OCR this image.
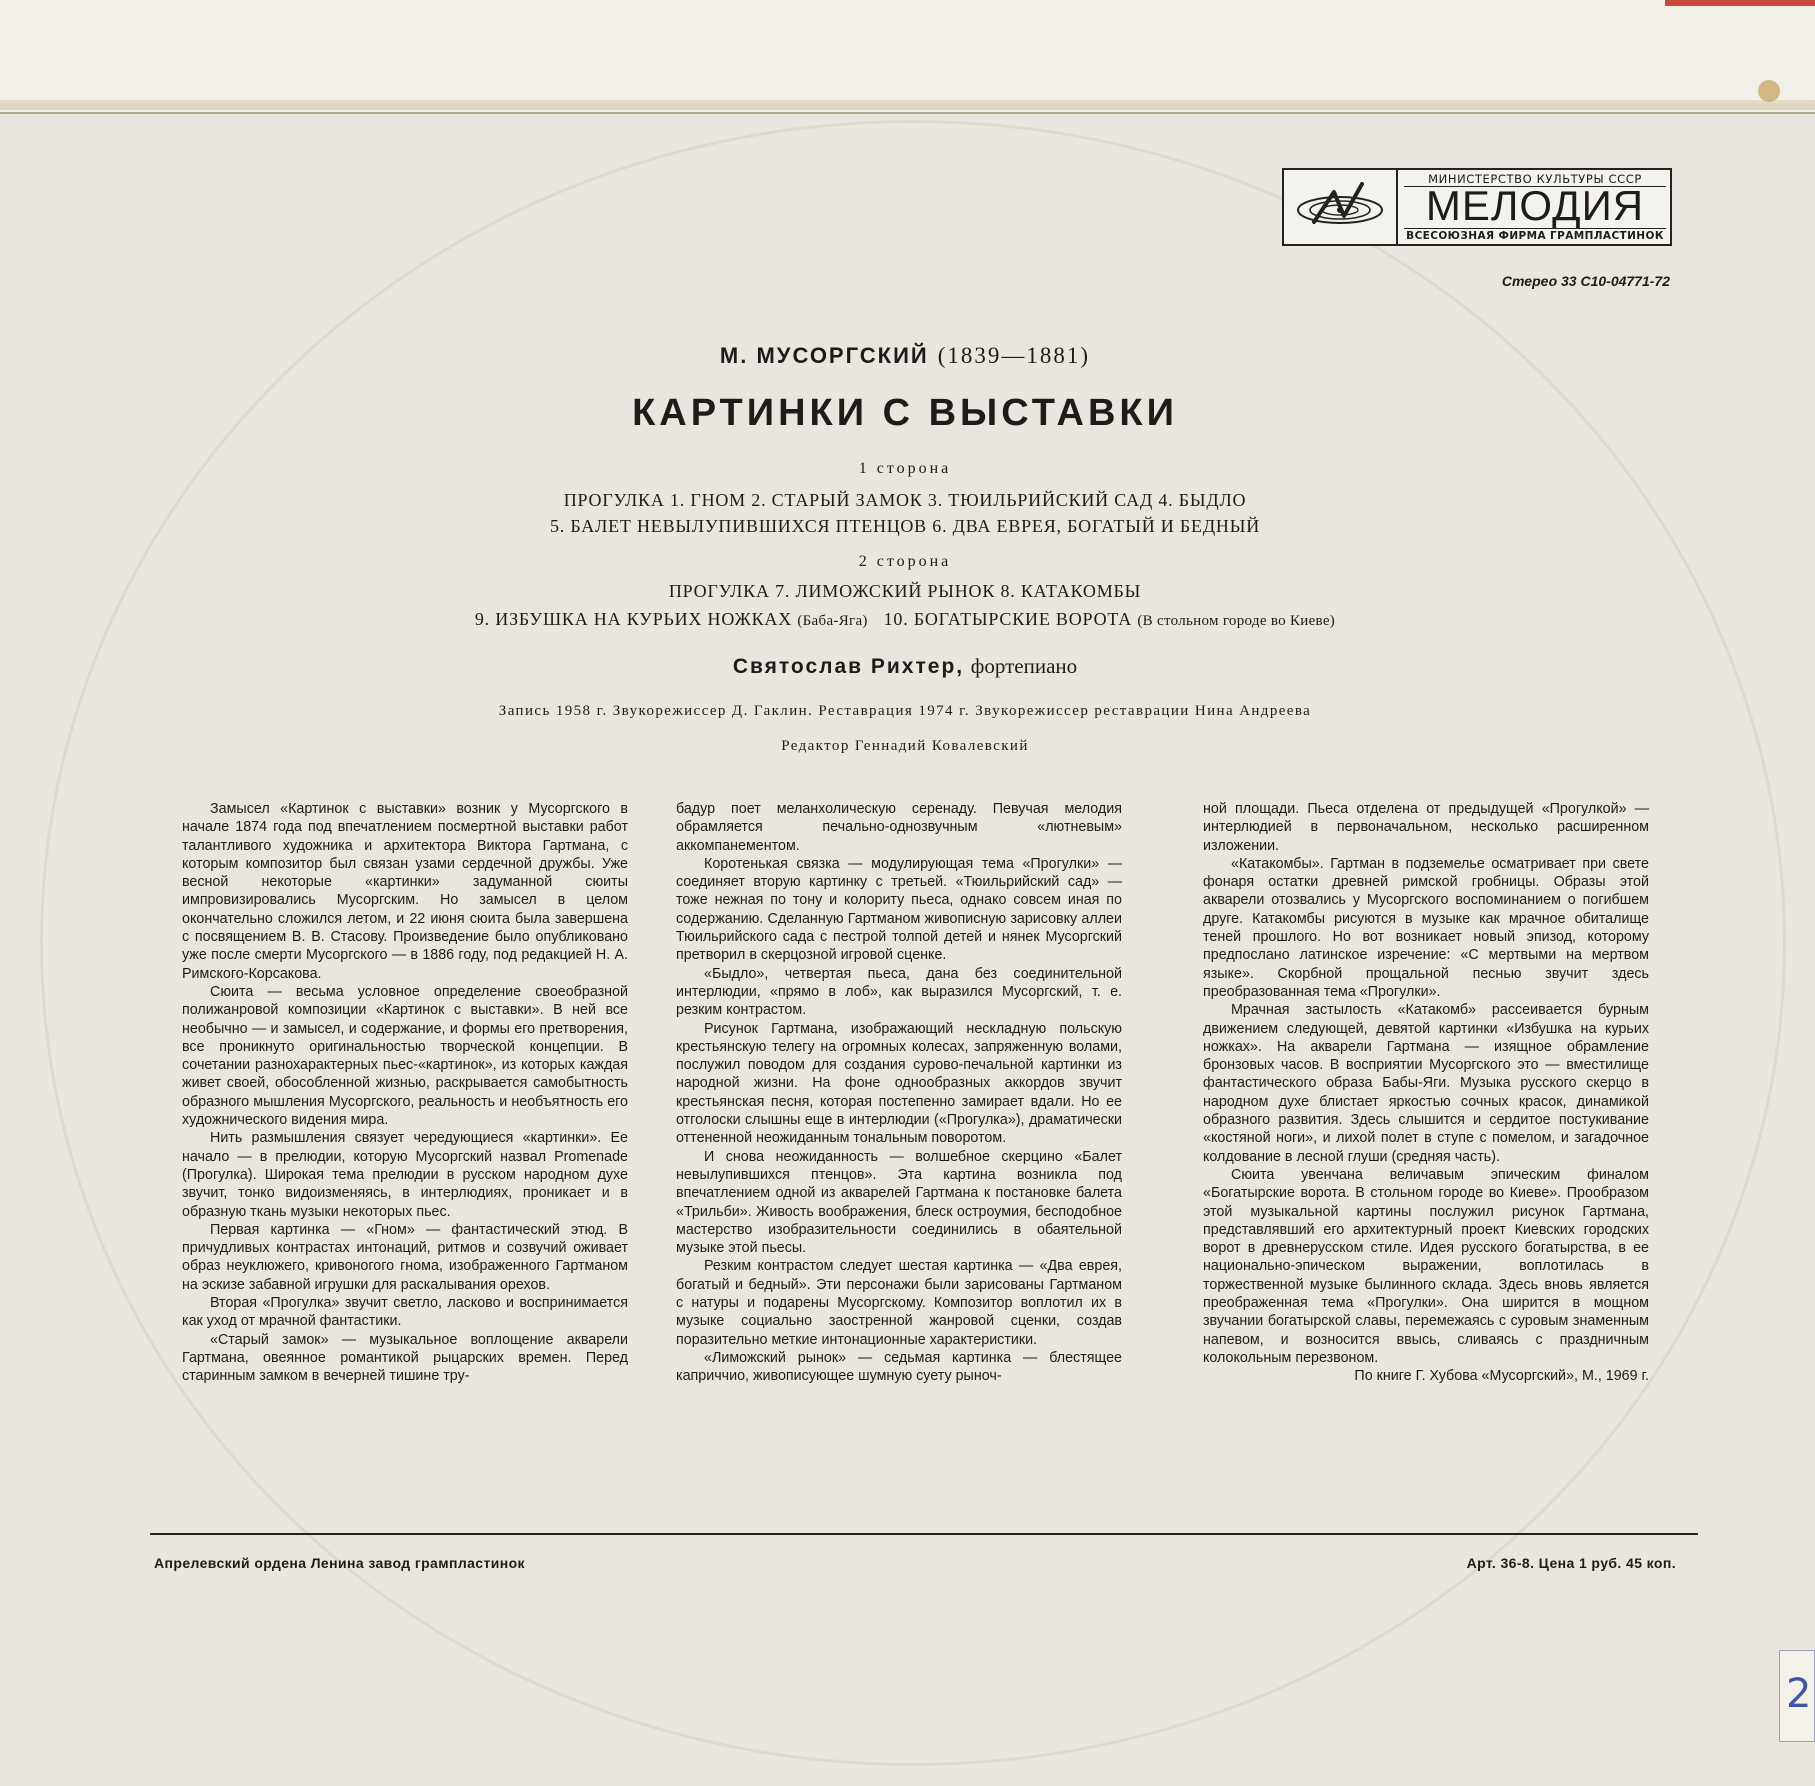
МИНИСТЕРСТВО КУЛЬТУРЫ СССР
МЕЛОДИЯ
ВСЕСОЮЗНАЯ ФИРМА ГРАМПЛАСТИНОК
Стерео 33 С10-04771-72
М. МУСОРГСКИЙ (1839—1881)
КАРТИНКИ С ВЫСТАВКИ
1 сторона
ПРОГУЛКА 1. ГНОМ 2. СТАРЫЙ ЗАМОК 3. ТЮИЛЬРИЙСКИЙ САД 4. БЫДЛО
5. БАЛЕТ НЕВЫЛУПИВШИХСЯ ПТЕНЦОВ 6. ДВА ЕВРЕЯ, БОГАТЫЙ И БЕДНЫЙ
2 сторона
ПРОГУЛКА 7. ЛИМОЖСКИЙ РЫНОК 8. КАТАКОМБЫ
9. ИЗБУШКА НА КУРЬИХ НОЖКАХ (Баба-Яга) 10. БОГАТЫРСКИЕ ВОРОТА (В стольном городе во Киеве)
Святослав Рихтер, фортепиано
Запись 1958 г. Звукорежиссер Д. Гаклин. Реставрация 1974 г. Звукорежиссер реставрации Нина Андреева
Редактор Геннадий Ковалевский

Замысел «Картинок с выставки» возник у Мусоргского в начале 1874 года под впечатлением посмертной выставки работ талантливого художника и архитектора Виктора Гартмана, с которым композитор был связан узами сердечной дружбы. Уже весной некоторые «картинки» задуманной сюиты импровизировались Мусоргским. Но замысел в целом окончательно сложился летом, и 22 июня сюита была завершена с посвящением В. В. Стасову. Произведение было опубликовано уже после смерти Мусоргского — в 1886 году, под редакцией Н. А. Римского-Корсакова.

Сюита — весьма условное определение своеобразной полижанровой композиции «Картинок с выставки». В ней все необычно — и замысел, и содержание, и формы его претворения, все проникнуто оригинальностью творческой концепции. В сочетании разнохарактерных пьес-«картинок», из которых каждая живет своей, обособленной жизнью, раскрывается самобытность образного мышления Мусоргского, реальность и необъятность его художнического видения мира.

Нить размышления связует чередующиеся «картинки». Ее начало — в прелюдии, которую Мусоргский назвал Promenade (Прогулка). Широкая тема прелюдии в русском народном духе звучит, тонко видоизменяясь, в интерлюдиях, проникает и в образную ткань музыки некоторых пьес.

Первая картинка — «Гном» — фантастический этюд. В причудливых контрастах интонаций, ритмов и созвучий оживает образ неуклюжего, кривоногого гнома, изображенного Гартманом на эскизе забавной игрушки для раскалывания орехов.

Вторая «Прогулка» звучит светло, ласково и воспринимается как уход от мрачной фантастики.

«Старый замок» — музыкальное воплощение акварели Гартмана, овеянное романтикой рыцарских времен. Перед старинным замком в вечерней тишине тру-

бадур поет меланхолическую серенаду. Певучая мелодия обрамляется печально-однозвучным «лютневым» аккомпанементом.

Коротенькая связка — модулирующая тема «Прогулки» — соединяет вторую картинку с третьей. «Тюильрийский сад» — тоже нежная по тону и колориту пьеса, однако совсем иная по содержанию. Сделанную Гартманом живописную зарисовку аллеи Тюильрийского сада с пестрой толпой детей и нянек Мусоргский претворил в скерцозной игровой сценке.

«Быдло», четвертая пьеса, дана без соединительной интерлюдии, «прямо в лоб», как выразился Мусоргский, т. е. резким контрастом.

Рисунок Гартмана, изображающий нескладную польскую крестьянскую телегу на огромных колесах, запряженную волами, послужил поводом для создания сурово-печальной картинки из народной жизни. На фоне однообразных аккордов звучит крестьянская песня, которая постепенно замирает вдали. Но ее отголоски слышны еще в интерлюдии («Прогулка»), драматически оттененной неожиданным тональным поворотом.

И снова неожиданность — волшебное скерцино «Балет невылупившихся птенцов». Эта картина возникла под впечатлением одной из акварелей Гартмана к постановке балета «Трильби». Живость воображения, блеск остроумия, бесподобное мастерство изобразительности соединились в обаятельной музыке этой пьесы.

Резким контрастом следует шестая картинка — «Два еврея, богатый и бедный». Эти персонажи были зарисованы Гартманом с натуры и подарены Мусоргскому. Композитор воплотил их в музыке социально заостренной жанровой сценки, создав поразительно меткие интонационные характеристики.

«Лиможский рынок» — седьмая картинка — блестящее каприччио, живописующее шумную суету рыноч-

ной площади. Пьеса отделена от предыдущей «Прогулкой» — интерлюдией в первоначальном, несколько расширенном изложении.

«Катакомбы». Гартман в подземелье осматривает при свете фонаря остатки древней римской гробницы. Образы этой акварели отозвались у Мусоргского воспоминанием о погибшем друге. Катакомбы рисуются в музыке как мрачное обиталище теней прошлого. Но вот возникает новый эпизод, которому предпослано латинское изречение: «С мертвыми на мертвом языке». Скорбной прощальной песнью звучит здесь преобразованная тема «Прогулки».

Мрачная застылость «Катакомб» рассеивается бурным движением следующей, девятой картинки «Избушка на курьих ножках». На акварели Гартмана — изящное обрамление бронзовых часов. В восприятии Мусоргского это — вместилище фантастического образа Бабы-Яги. Музыка русского скерцо в народном духе блистает яркостью сочных красок, динамикой образного развития. Здесь слышится и сердитое постукивание «костяной ноги», и лихой полет в ступе с помелом, и загадочное колдование в лесной глуши (средняя часть).

Сюита увенчана величавым эпическим финалом «Богатырские ворота. В стольном городе во Киеве». Прообразом этой музыкальной картины послужил рисунок Гартмана, представлявший его архитектурный проект Киевских городских ворот в древнерусском стиле. Идея русского богатырства, в ее национально-эпическом выражении, воплотилась в торжественной музыке былинного склада. Здесь вновь является преображенная тема «Прогулки». Она ширится в мощном звучании богатырской славы, перемежаясь с суровым знаменным напевом, и возносится ввысь, сливаясь с праздничным колокольным перезвоном.

По книге Г. Хубова «Мусоргский», М., 1969 г.

Апрелевский ордена Ленина завод грампластинок	Арт. 36-8. Цена 1 руб. 45 коп.
2
